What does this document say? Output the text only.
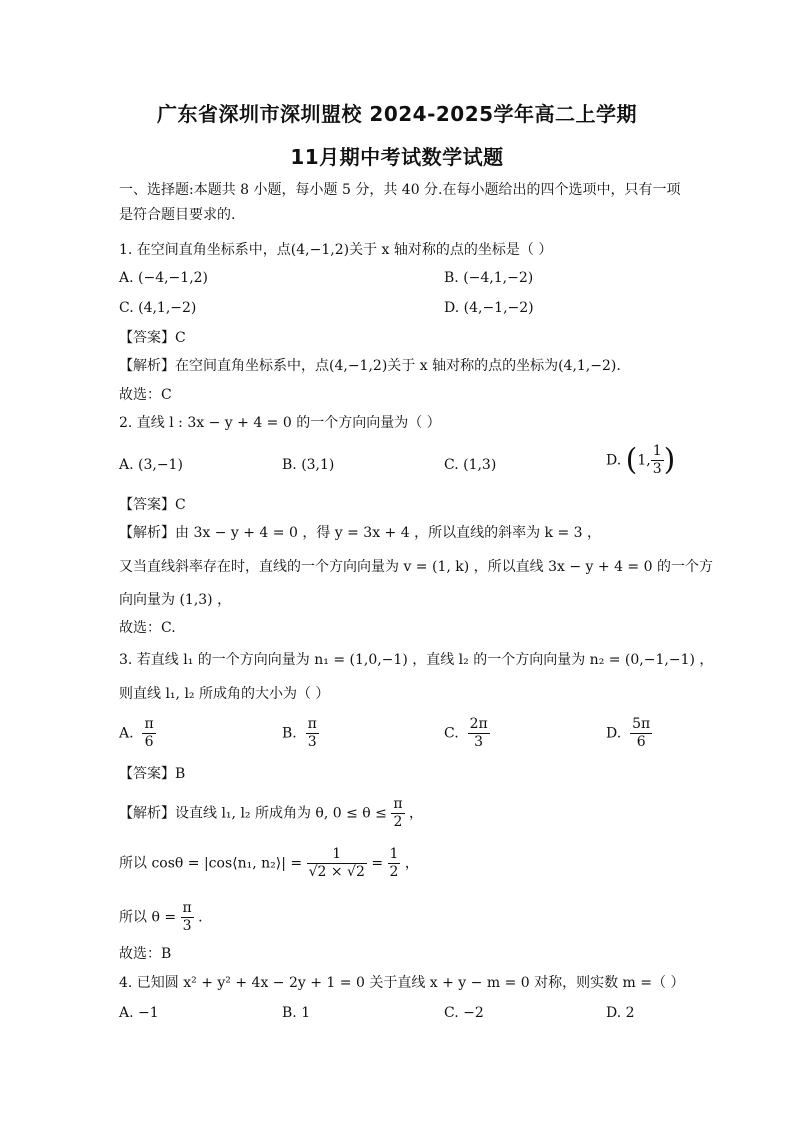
广东省深圳市深圳盟校 2024-2025学年高二上学期
11月期中考试数学试题
一、选择题:本题共 8 小题，每小题 5 分，共 40 分.在每小题给出的四个选项中，只有一项
是符合题目要求的.
1. 在空间直角坐标系中，点(4,−1,2)关于 x 轴对称的点的坐标是（ ）
A. (−4,−1,2)	B. (−4,1,−2)
C. (4,1,−2)	D. (4,−1,−2)
【答案】C
【解析】在空间直角坐标系中，点(4,−1,2)关于 x 轴对称的点的坐标为(4,1,−2).
故选：C
2. 直线 l : 3x − y + 4 = 0 的一个方向向量为（ ）
A. (3,−1)	B. (3,1)	C. (1,3)	D. (1, $\frac{1}{3}$ )
【答案】C
【解析】由 3x − y + 4 = 0 ，得 y = 3x + 4 ，所以直线的斜率为 k = 3 ，
又当直线斜率存在时，直线的一个方向向量为 v = (1, k) ，所以直线 3x − y + 4 = 0 的一个方
向向量为 (1,3) ，
故选：C.
3. 若直线 l₁ 的一个方向向量为 n₁ = (1,0,−1) ，直线 l₂ 的一个方向向量为 n₂ = (0,−1,−1) ，
则直线 l₁, l₂ 所成角的大小为（ ）
A. $\frac{\pi}{6}$	B. $\frac{\pi}{3}$	C. $\frac{2\pi}{3}$	D. $\frac{5\pi}{6}$
【答案】B
【解析】设直线 l₁, l₂ 所成角为 θ, $0 \le \theta \le \frac{\pi}{2}$ ，
所以 cosθ = |cos⟨n₁, n₂⟩| = $\frac{1}{√2 \times √2} = \frac{1}{2}$ ，
所以 $\theta = \frac{\pi}{3}$ .
故选：B
4. 已知圆 x² + y² + 4x − 2y + 1 = 0 关于直线 x + y − m = 0 对称，则实数 m =（ ）
A. −1	B. 1	C. −2	D. 2
